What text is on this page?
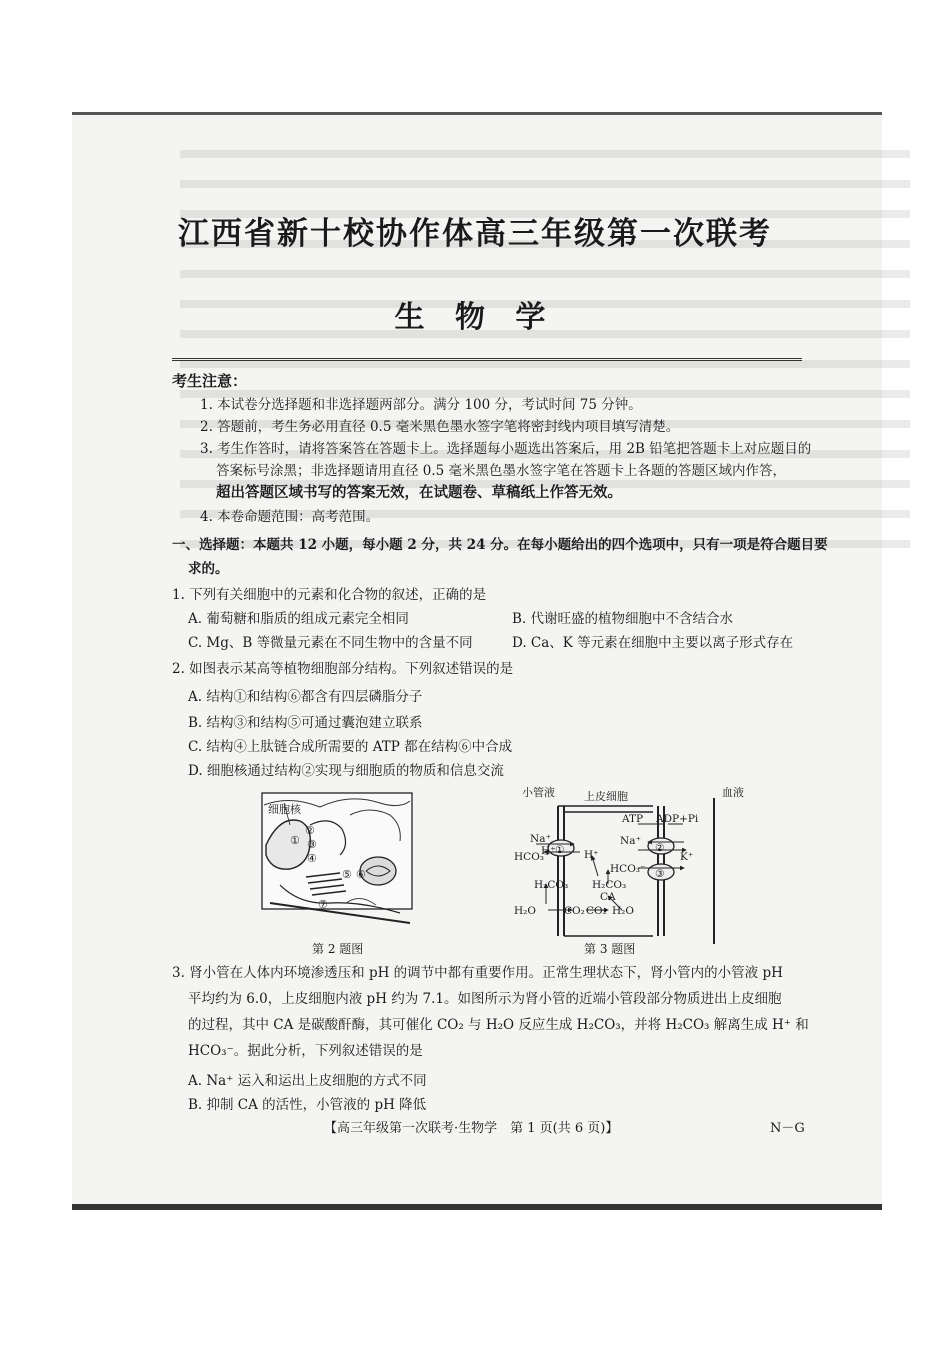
江西省新十校协作体高三年级第一次联考
生 物 学
考生注意：
1. 本试卷分选择题和非选择题两部分。满分 100 分，考试时间 75 分钟。
2. 答题前，考生务必用直径 0.5 毫米黑色墨水签字笔将密封线内项目填写清楚。
3. 考生作答时，请将答案答在答题卡上。选择题每小题选出答案后，用 2B 铅笔把答题卡上对应题目的
答案标号涂黑；非选择题请用直径 0.5 毫米黑色墨水签字笔在答题卡上各题的答题区域内作答，
超出答题区域书写的答案无效，在试题卷、草稿纸上作答无效。
4. 本卷命题范围：高考范围。
一、选择题：本题共 12 小题，每小题 2 分，共 24 分。在每小题给出的四个选项中，只有一项是符合题目要
求的。
1. 下列有关细胞中的元素和化合物的叙述，正确的是
A. 葡萄糖和脂质的组成元素完全相同	B. 代谢旺盛的植物细胞中不含结合水
C. Mg、B 等微量元素在不同生物中的含量不同	D. Ca、K 等元素在细胞中主要以离子形式存在
2. 如图表示某高等植物细胞部分结构。下列叙述错误的是
A. 结构①和结构⑥都含有四层磷脂分子
B. 结构③和结构⑤可通过囊泡建立联系
C. 结构④上肽链合成所需要的 ATP 都在结构⑥中合成
D. 细胞核通过结构②实现与细胞质的物质和信息交流
细胞核
①
②
③
④
⑤ ⑥
⑦
第 2 题图
小管液	上皮细胞	血液
ATP ADP+Pi
Na⁺	Na⁺
HCO₃⁻
H⁺	H⁺
①	②
③
K⁺
HCO₃⁻
H₂CO₃ H₂CO₃
CA
H₂O	CO₂ CO₂ H₂O
第 3 题图
3. 肾小管在人体内环境渗透压和 pH 的调节中都有重要作用。正常生理状态下，肾小管内的小管液 pH
平均约为 6.0，上皮细胞内液 pH 约为 7.1。如图所示为肾小管的近端小管段部分物质进出上皮细胞
的过程，其中 CA 是碳酸酐酶，其可催化 CO₂ 与 H₂O 反应生成 H₂CO₃，并将 H₂CO₃ 解离生成 H⁺ 和
HCO₃⁻。据此分析，下列叙述错误的是
A. Na⁺ 运入和运出上皮细胞的方式不同
B. 抑制 CA 的活性，小管液的 pH 降低
【高三年级第一次联考·生物学　第 1 页(共 6 页)】	N－G
